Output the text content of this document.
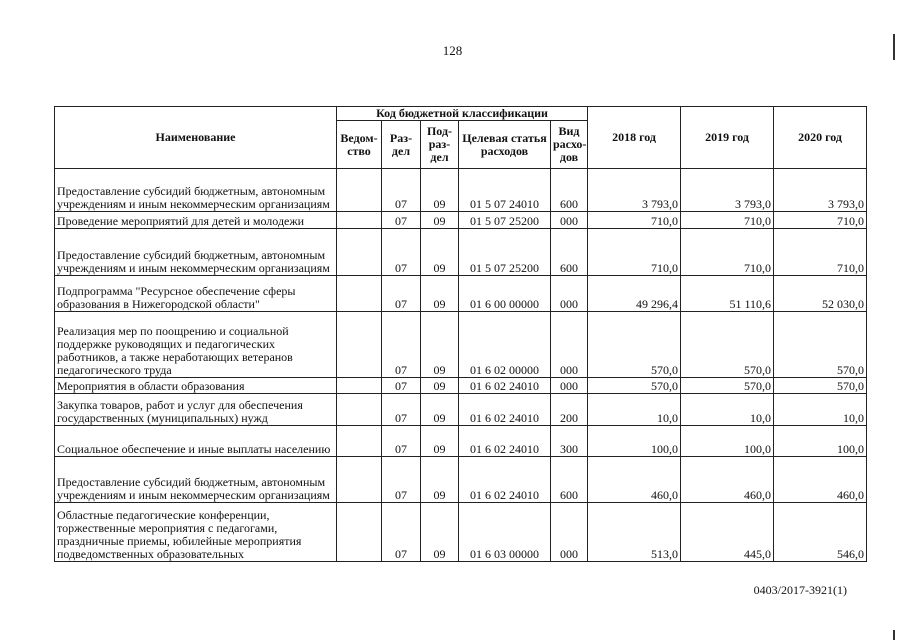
128
Наименование	Код бюджетной классификации					2018 год	2019 год	2020 год
	Ведом-ство	Раз-дел	Под-раз-дел	Целевая статья расходов	Вид расхо-дов			
Предоставление субсидий бюджетным, автономным учреждениям и иным некоммерческим организациям		07	09	01 5 07 24010	600	3 793,0	3 793,0	3 793,0
Проведение мероприятий для детей и молодежи		07	09	01 5 07 25200	000	710,0	710,0	710,0
Предоставление субсидий бюджетным, автономным учреждениям и иным некоммерческим организациям		07	09	01 5 07 25200	600	710,0	710,0	710,0
Подпрограмма "Ресурсное обеспечение сферы образования в Нижегородской области"		07	09	01 6 00 00000	000	49 296,4	51 110,6	52 030,0
Реализация мер по поощрению и социальной поддержке руководящих и педагогических работников, а также неработающих ветеранов педагогического труда		07	09	01 6 02 00000	000	570,0	570,0	570,0
Мероприятия в области образования		07	09	01 6 02 24010	000	570,0	570,0	570,0
Закупка товаров, работ и услуг для обеспечения государственных (муниципальных) нужд		07	09	01 6 02 24010	200	10,0	10,0	10,0
Социальное обеспечение и иные выплаты населению		07	09	01 6 02 24010	300	100,0	100,0	100,0
Предоставление субсидий бюджетным, автономным учреждениям и иным некоммерческим организациям		07	09	01 6 02 24010	600	460,0	460,0	460,0
Областные педагогические конференции, торжественные мероприятия с педагогами, праздничные приемы, юбилейные мероприятия подведомственных образовательных		07	09	01 6 03 00000	000	513,0	445,0	546,0
0403/2017-3921(1)
